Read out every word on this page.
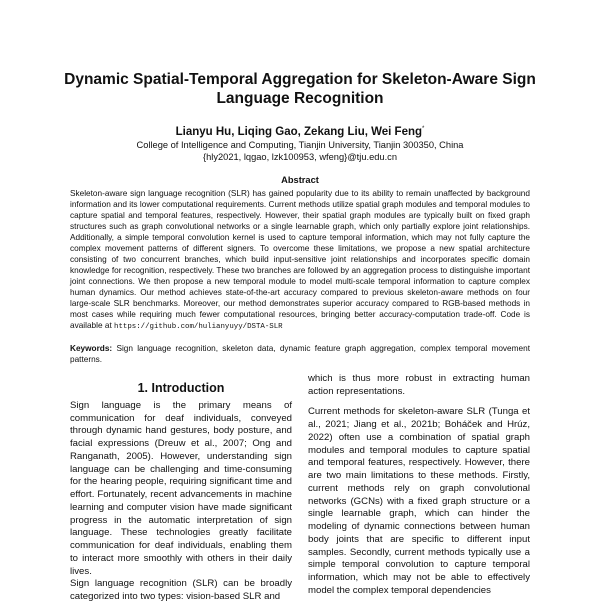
Dynamic Spatial-Temporal Aggregation for Skeleton-Aware Sign Language Recognition
Lianyu Hu, Liqing Gao, Zekang Liu, Wei Feng*
College of Intelligence and Computing, Tianjin University, Tianjin 300350, China
{hly2021, lqgao, lzk100953, wfeng}@tju.edu.cn
Abstract

Skeleton-aware sign language recognition (SLR) has gained popularity due to its ability to remain unaffected by background information and its lower computational requirements. Current methods utilize spatial graph modules and temporal modules to capture spatial and temporal features, respectively. However, their spatial graph modules are typically built on fixed graph structures such as graph convolutional networks or a single learnable graph, which only partially explore joint relationships. Additionally, a simple temporal convolution kernel is used to capture temporal information, which may not fully capture the complex movement patterns of different signers. To overcome these limitations, we propose a new spatial architecture consisting of two concurrent branches, which build input-sensitive joint relationships and incorporates specific domain knowledge for recognition, respectively. These two branches are followed by an aggregation process to distinguishe important joint connections. We then propose a new temporal module to model multi-scale temporal information to capture complex human dynamics. Our method achieves state-of-the-art accuracy compared to previous skeleton-aware methods on four large-scale SLR benchmarks. Moreover, our method demonstrates superior accuracy compared to RGB-based methods in most cases while requiring much fewer computational resources, bringing better accuracy-computation trade-off. Code is available at https://github.com/hulianyuyy/DSTA-SLR

Keywords: Sign language recognition, skeleton data, dynamic feature graph aggregation, complex temporal movement patterns.

1. Introduction

Sign language is the primary means of communication for deaf individuals, conveyed through dynamic hand gestures, body posture, and facial expressions (Dreuw et al., 2007; Ong and Ranganath, 2005). However, understanding sign language can be challenging and time-consuming for the hearing people, requiring significant time and effort. Fortunately, recent advancements in machine learning and computer vision have made significant progress in the automatic interpretation of sign language. These technologies greatly facilitate communication for deaf individuals, enabling them to interact more smoothly with others in their daily lives.

Sign language recognition (SLR) can be broadly categorized into two types: vision-based SLR and

which is thus more robust in extracting human action representations.

Current methods for skeleton-aware SLR (Tunga et al., 2021; Jiang et al., 2021b; Boháček and Hrúz, 2022) often use a combination of spatial graph modules and temporal modules to capture spatial and temporal features, respectively. However, there are two main limitations to these methods. Firstly, current methods rely on graph convolutional networks (GCNs) with a fixed graph structure or a single learnable graph, which can hinder the modeling of dynamic connections between human body joints that are specific to different input samples. Secondly, current methods typically use a simple temporal convolution to capture temporal information, which may not be able to effectively model the complex temporal dependencies
